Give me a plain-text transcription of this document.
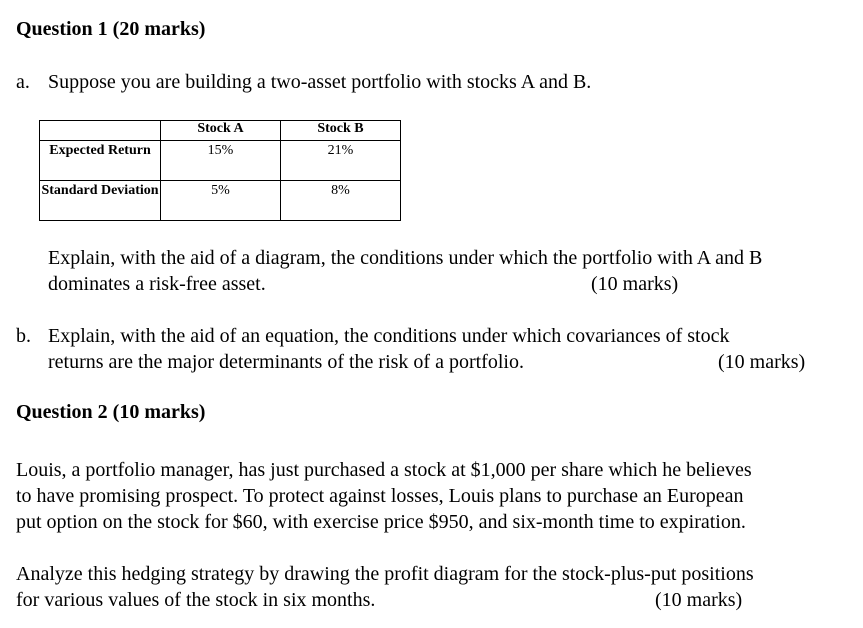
Question 1 (20 marks)
a. Suppose you are building a two-asset portfolio with stocks A and B.
	Stock A	Stock B
Expected Return	15%	21%
Standard Deviation	5%	8%
Explain, with the aid of a diagram, the conditions under which the portfolio with A and B
dominates a risk-free asset.	(10 marks)
b. Explain, with the aid of an equation, the conditions under which covariances of stock
returns are the major determinants of the risk of a portfolio.	(10 marks)
Question 2 (10 marks)
Louis, a portfolio manager, has just purchased a stock at $1,000 per share which he believes
to have promising prospect. To protect against losses, Louis plans to purchase an European
put option on the stock for $60, with exercise price $950, and six-month time to expiration.
Analyze this hedging strategy by drawing the profit diagram for the stock-plus-put positions
for various values of the stock in six months.	(10 marks)
